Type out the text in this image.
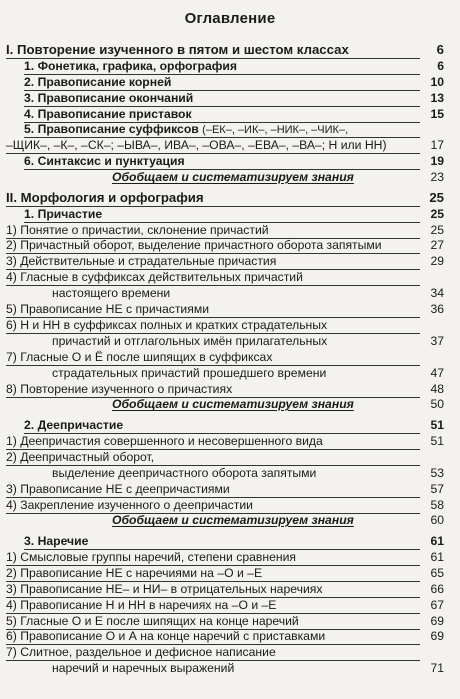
Оглавление
I. Повторение изученного в пятом и шестом классах	6
1. Фонетика, графика, орфография	6
2. Правописание корней	10
3. Правописание окончаний	13
4. Правописание приставок	15
5. Правописание суффиксов (–ЕК–, –ИК–, –НИК–, –ЧИК–,
–ЩИК–, –К–, –СК–; –ЫВА–, ИВА–, –ОВА–, –ЕВА–, –ВА–; Н или НН)	17
6. Синтаксис и пунктуация	19
Обобщаем и систематизируем знания	23
II. Морфология и орфография	25
1. Причастие	25
1) Понятие о причастии, склонение причастий	25
2) Причастный оборот, выделение причастного оборота запятыми	27
3) Действительные и страдательные причастия	29
4) Гласные в суффиксах действительных причастий
настоящего времени	34
5) Правописание НЕ с причастиями	36
6) Н и НН в суффиксах полных и кратких страдательных
причастий и отглагольных имён прилагательных	37
7) Гласные О и Ё после шипящих в суффиксах
страдательных причастий прошедшего времени	47
8) Повторение изученного о причастиях	48
Обобщаем и систематизируем знания	50
2. Деепричастие	51
1) Деепричастия совершенного и несовершенного вида	51
2) Деепричастный оборот,
выделение деепричастного оборота запятыми	53
3) Правописание НЕ с деепричастиями	57
4) Закрепление изученного о деепричастии	58
Обобщаем и систематизируем знания	60
3. Наречие	61
1) Смысловые группы наречий, степени сравнения	61
2) Правописание НЕ с наречиями на –О и –Е	65
3) Правописание НЕ– и НИ– в отрицательных наречиях	66
4) Правописание Н и НН в наречиях на –О и –Е	67
5) Гласные О и Е после шипящих на конце наречий	69
6) Правописание О и А на конце наречий с приставками	69
7) Слитное, раздельное и дефисное написание
наречий и наречных выражений	71
